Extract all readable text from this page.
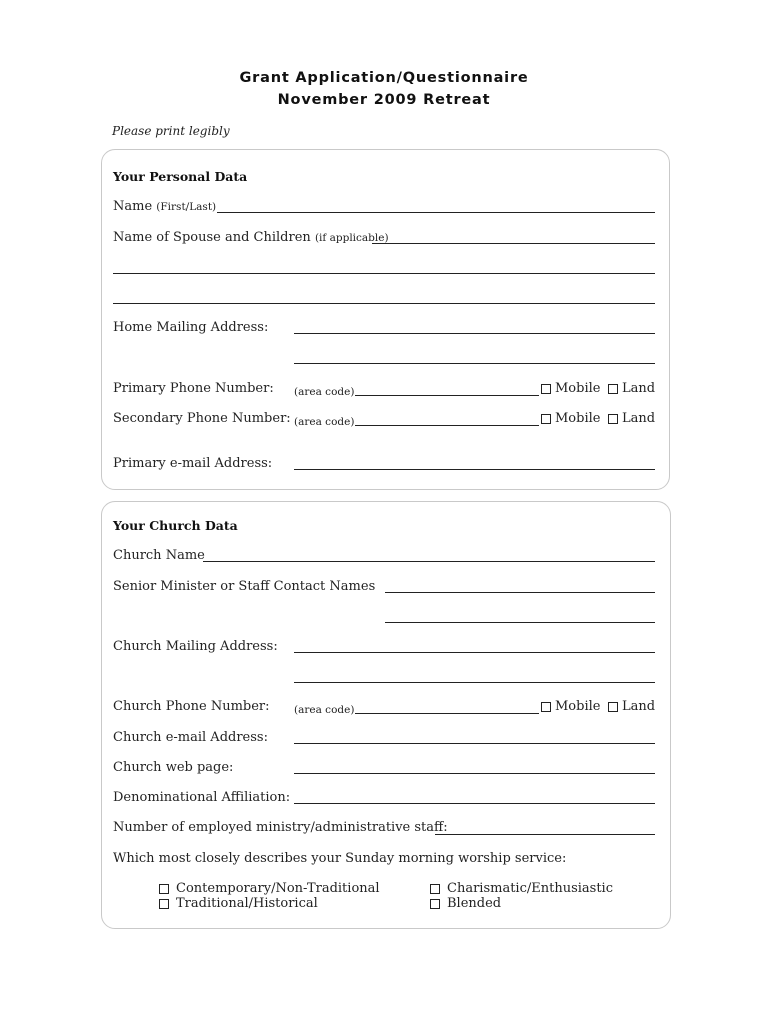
Grant Application/Questionnaire
November 2009 Retreat
Please print legibly
Your Personal Data
Name (First/Last)
Name of Spouse and Children (if applicable)
Home Mailing Address:
Primary Phone Number: (area code)	Mobile Land
Secondary Phone Number: (area code)	Mobile Land
Primary e-mail Address:
Your Church Data
Church Name
Senior Minister or Staff Contact Names
Church Mailing Address:
Church Phone Number: (area code)	Mobile Land
Church e-mail Address:
Church web page:
Denominational Affiliation:
Number of employed ministry/administrative staff:
Which most closely describes your Sunday morning worship service:
Contemporary/Non-Traditional	Charismatic/Enthusiastic
Traditional/Historical	Blended
